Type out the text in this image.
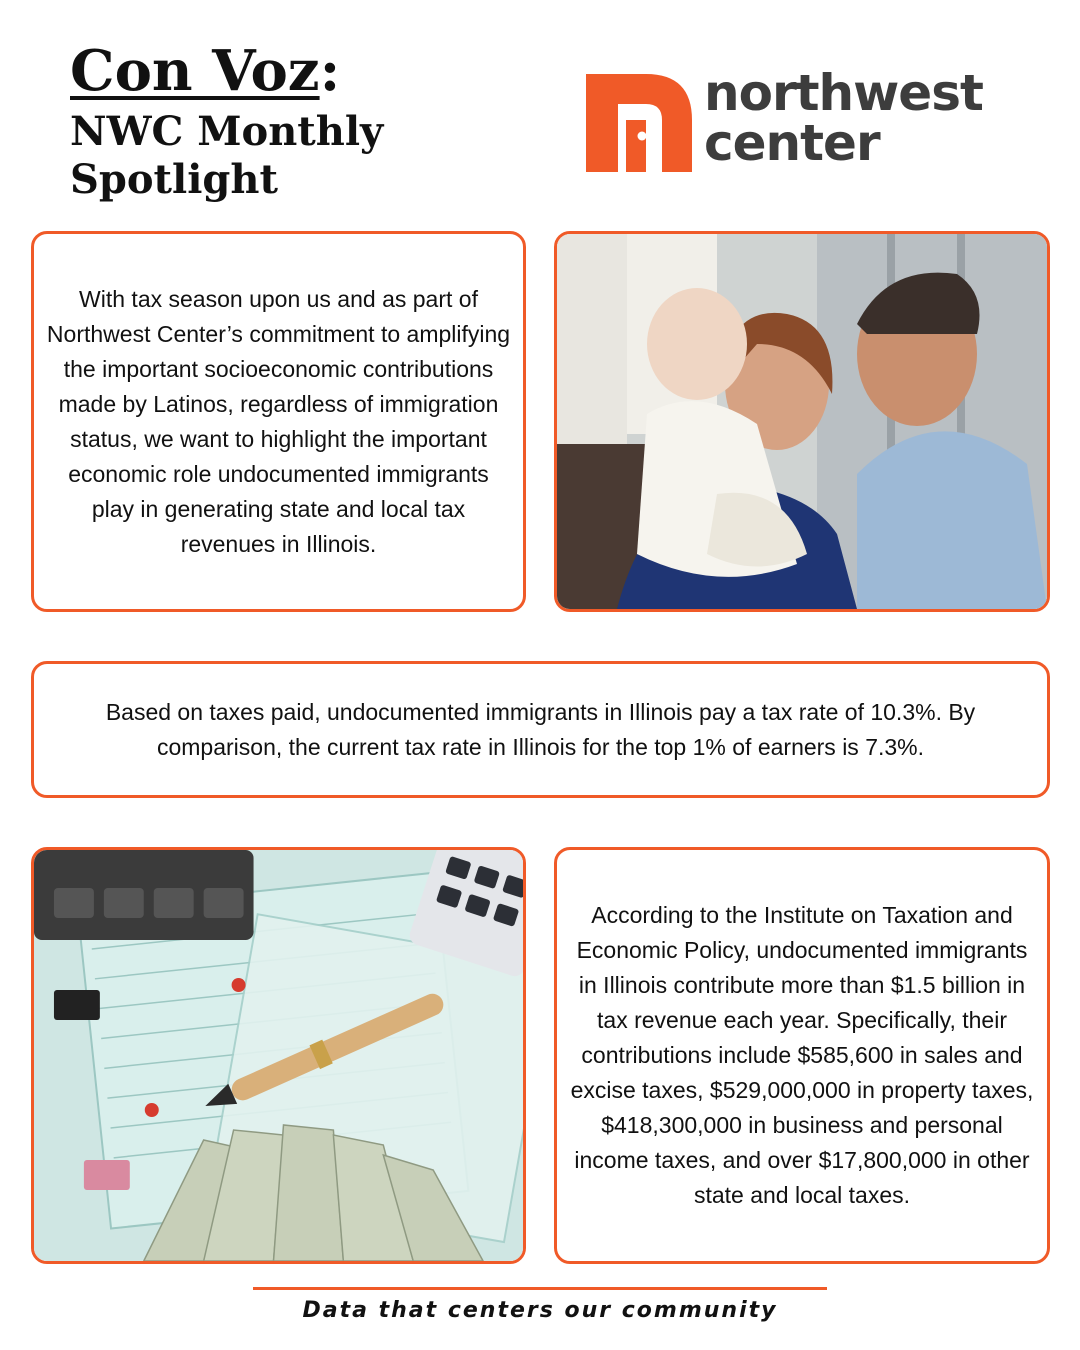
Con Voz:
NWC Monthly
Spotlight
northwest
center
With tax season upon us and as part of Northwest Center’s commitment to amplifying the important socioeconomic contributions made by Latinos, regardless of immigration status, we want to highlight the important economic role undocumented immigrants play in generating state and local tax revenues in Illinois.
Based on taxes paid, undocumented immigrants in Illinois pay a tax rate of 10.3%. By comparison, the current tax rate in Illinois for the top 1% of earners is 7.3%.
According to the Institute on Taxation and Economic Policy, undocumented immigrants in Illinois contribute more than $1.5 billion in tax revenue each year. Specifically, their contributions include $585,600 in sales and excise taxes, $529,000,000 in property taxes, $418,300,000 in business and personal income taxes, and over $17,800,000 in other state and local taxes.
Data that centers our community
